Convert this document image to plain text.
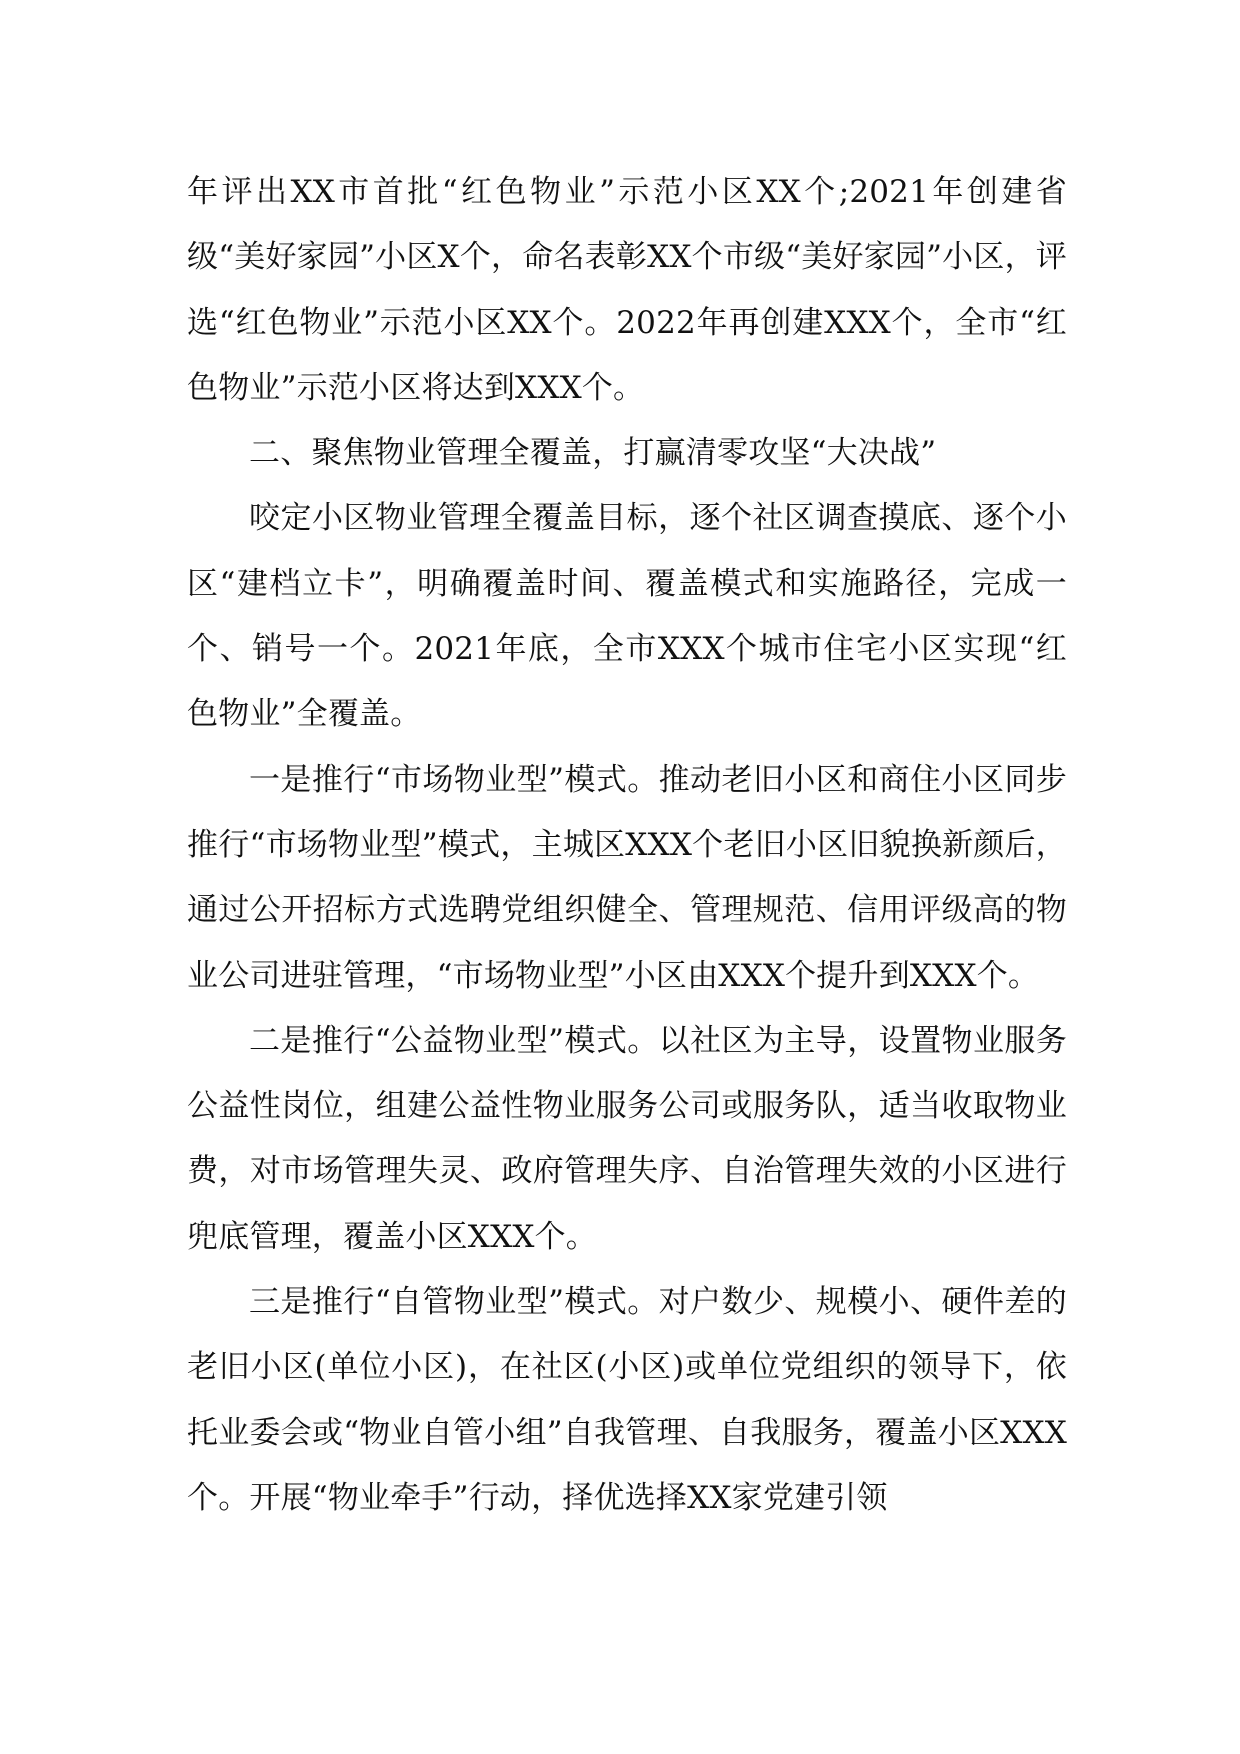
年评出XX市首批“红色物业”示范小区XX个;2021年创建省级“美好家园”小区X个，命名表彰XX个市级“美好家园”小区，评选“红色物业”示范小区XX个。2022年再创建XXX个，全市“红色物业”示范小区将达到XXX个。

二、聚焦物业管理全覆盖，打赢清零攻坚“大决战”

咬定小区物业管理全覆盖目标，逐个社区调查摸底、逐个小区“建档立卡”，明确覆盖时间、覆盖模式和实施路径，完成一个、销号一个。2021年底，全市XXX个城市住宅小区实现“红色物业”全覆盖。

一是推行“市场物业型”模式。推动老旧小区和商住小区同步推行“市场物业型”模式，主城区XXX个老旧小区旧貌换新颜后，通过公开招标方式选聘党组织健全、管理规范、信用评级高的物业公司进驻管理，“市场物业型”小区由XXX个提升到XXX个。

二是推行“公益物业型”模式。以社区为主导，设置物业服务公益性岗位，组建公益性物业服务公司或服务队，适当收取物业费，对市场管理失灵、政府管理失序、自治管理失效的小区进行兜底管理，覆盖小区XXX个。

三是推行“自管物业型”模式。对户数少、规模小、硬件差的老旧小区(单位小区)，在社区(小区)或单位党组织的领导下，依托业委会或“物业自管小组”自我管理、自我服务，覆盖小区XXX个。开展“物业牵手”行动，择优选择XX家党建引领
